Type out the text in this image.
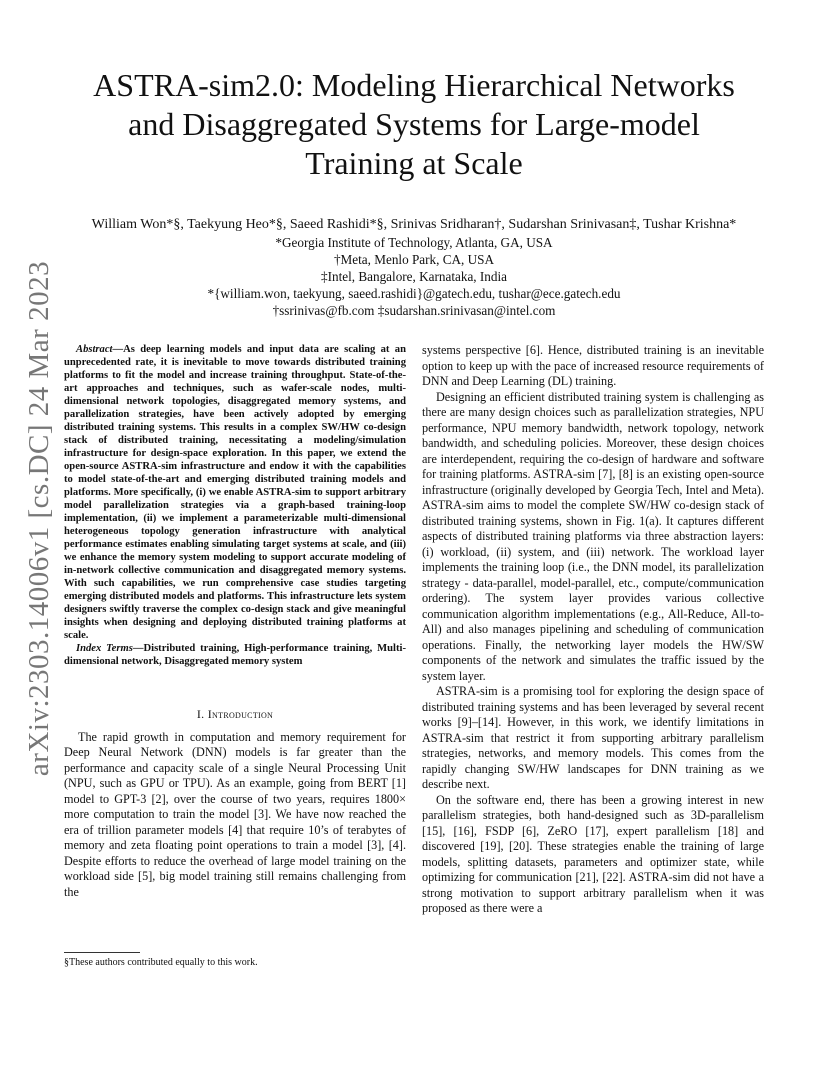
arXiv:2303.14006v1 [cs.DC] 24 Mar 2023
ASTRA-sim2.0: Modeling Hierarchical Networks
and Disaggregated Systems for Large-model
Training at Scale
William Won*§, Taekyung Heo*§, Saeed Rashidi*§, Srinivas Sridharan†, Sudarshan Srinivasan‡, Tushar Krishna*
*Georgia Institute of Technology, Atlanta, GA, USA
†Meta, Menlo Park, CA, USA
‡Intel, Bangalore, Karnataka, India
*{william.won, taekyung, saeed.rashidi}@gatech.edu, tushar@ece.gatech.edu
†ssrinivas@fb.com ‡sudarshan.srinivasan@intel.com

Abstract—As deep learning models and input data are scaling at an unprecedented rate, it is inevitable to move towards distributed training platforms to fit the model and increase training throughput. State-of-the-art approaches and techniques, such as wafer-scale nodes, multi-dimensional network topologies, disaggregated memory systems, and parallelization strategies, have been actively adopted by emerging distributed training systems. This results in a complex SW/HW co-design stack of distributed training, necessitating a modeling/simulation infrastructure for design-space exploration. In this paper, we extend the open-source ASTRA-sim infrastructure and endow it with the capabilities to model state-of-the-art and emerging distributed training models and platforms. More specifically, (i) we enable ASTRA-sim to support arbitrary model parallelization strategies via a graph-based training-loop implementation, (ii) we implement a parameterizable multi-dimensional heterogeneous topology generation infrastructure with analytical performance estimates enabling simulating target systems at scale, and (iii) we enhance the memory system modeling to support accurate modeling of in-network collective communication and disaggregated memory systems. With such capabilities, we run comprehensive case studies targeting emerging distributed models and platforms. This infrastructure lets system designers swiftly traverse the complex co-design stack and give meaningful insights when designing and deploying distributed training platforms at scale.

Index Terms—Distributed training, High-performance training, Multi-dimensional network, Disaggregated memory system

I. Introduction

The rapid growth in computation and memory requirement for Deep Neural Network (DNN) models is far greater than the performance and capacity scale of a single Neural Processing Unit (NPU, such as GPU or TPU). As an example, going from BERT [1] model to GPT-3 [2], over the course of two years, requires 1800× more computation to train the model [3]. We have now reached the era of trillion parameter models [4] that require 10’s of terabytes of memory and zeta floating point operations to train a model [3], [4]. Despite efforts to reduce the overhead of large model training on the workload side [5], big model training still remains challenging from the

systems perspective [6]. Hence, distributed training is an inevitable option to keep up with the pace of increased resource requirements of DNN and Deep Learning (DL) training.

Designing an efficient distributed training system is challenging as there are many design choices such as parallelization strategies, NPU performance, NPU memory bandwidth, network topology, network bandwidth, and scheduling policies. Moreover, these design choices are interdependent, requiring the co-design of hardware and software for training platforms. ASTRA-sim [7], [8] is an existing open-source infrastructure (originally developed by Georgia Tech, Intel and Meta). ASTRA-sim aims to model the complete SW/HW co-design stack of distributed training systems, shown in Fig. 1(a). It captures different aspects of distributed training platforms via three abstraction layers: (i) workload, (ii) system, and (iii) network. The workload layer implements the training loop (i.e., the DNN model, its parallelization strategy - data-parallel, model-parallel, etc., compute/communication ordering). The system layer provides various collective communication algorithm implementations (e.g., All-Reduce, All-to-All) and also manages pipelining and scheduling of communication operations. Finally, the networking layer models the HW/SW components of the network and simulates the traffic issued by the system layer.

ASTRA-sim is a promising tool for exploring the design space of distributed training systems and has been leveraged by several recent works [9]–[14]. However, in this work, we identify limitations in ASTRA-sim that restrict it from supporting arbitrary parallelism strategies, networks, and memory models. This comes from the rapidly changing SW/HW landscapes for DNN training as we describe next.

On the software end, there has been a growing interest in new parallelism strategies, both hand-designed such as 3D-parallelism [15], [16], FSDP [6], ZeRO [17], expert parallelism [18] and discovered [19], [20]. These strategies enable the training of large models, splitting datasets, parameters and optimizer state, while optimizing for communication [21], [22]. ASTRA-sim did not have a strong motivation to support arbitrary parallelism when it was proposed as there were a

§These authors contributed equally to this work.
